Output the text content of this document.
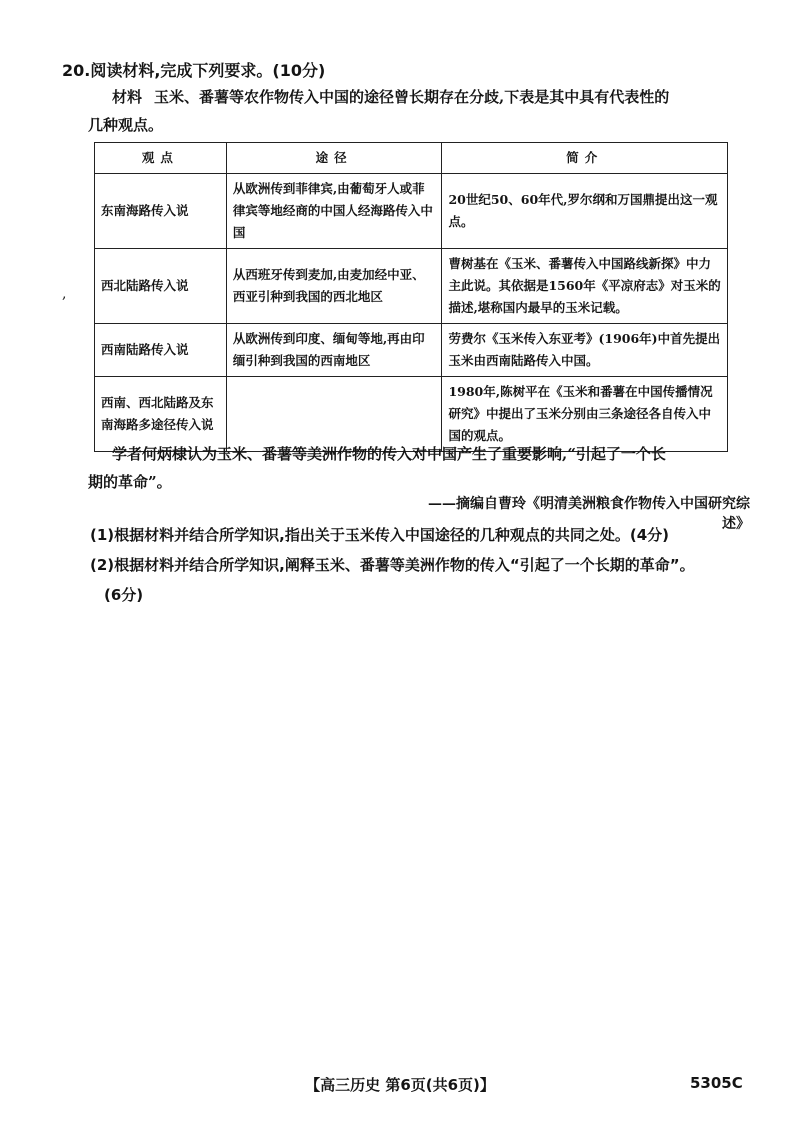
20.阅读材料,完成下列要求。(10分)
材料 玉米、番薯等农作物传入中国的途径曾长期存在分歧,下表是其中具有代表性的
几种观点。
,
观点	途径	简介
东南海路传入说	从欧洲传到菲律宾,由葡萄牙人或菲律宾等地经商的中国人经海路传入中国	20世纪50、60年代,罗尔纲和万国鼎提出这一观点。
西北陆路传入说	从西班牙传到麦加,由麦加经中亚、西亚引种到我国的西北地区	曹树基在《玉米、番薯传入中国路线新探》中力主此说。其依据是1560年《平凉府志》对玉米的描述,堪称国内最早的玉米记载。
西南陆路传入说	从欧洲传到印度、缅甸等地,再由印缅引种到我国的西南地区	劳费尔《玉米传入东亚考》(1906年)中首先提出玉米由西南陆路传入中国。
西南、西北陆路及东南海路多途径传入说		1980年,陈树平在《玉米和番薯在中国传播情况研究》中提出了玉米分别由三条途径各自传入中国的观点。
学者何炳棣认为玉米、番薯等美洲作物的传入对中国产生了重要影响,“引起了一个长
期的革命”。
——摘编自曹玲《明清美洲粮食作物传入中国研究综述》
(1)根据材料并结合所学知识,指出关于玉米传入中国途径的几种观点的共同之处。(4分)
(2)根据材料并结合所学知识,阐释玉米、番薯等美洲作物的传入“引起了一个长期的革命”。
(6分)
【高三历史 第6页(共6页)】	5305C
